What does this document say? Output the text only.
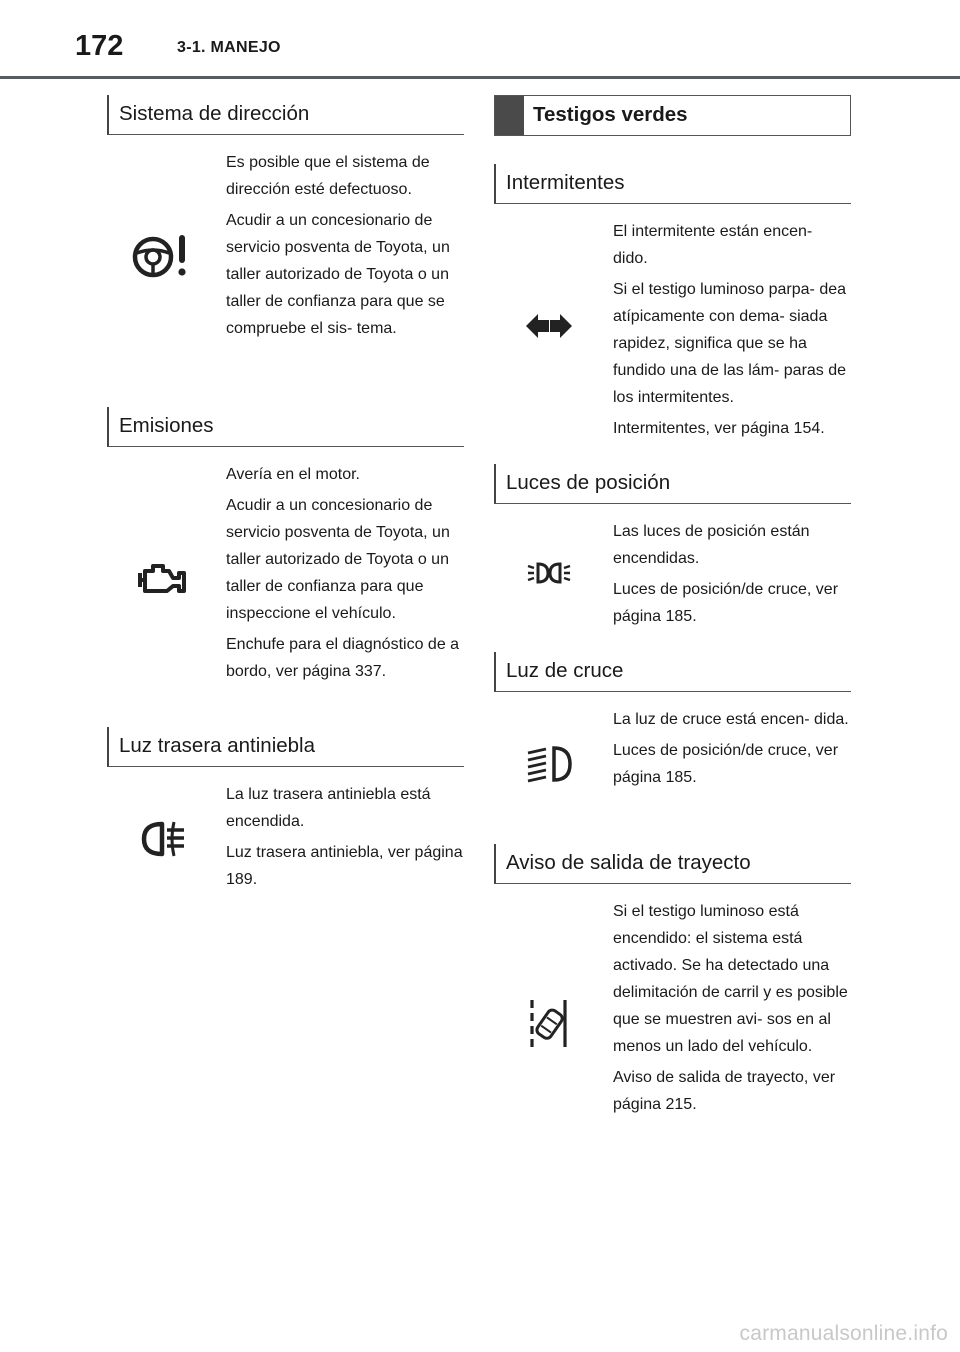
172	3-1. MANEJO
Sistema de dirección

Es posible que el sistema de dirección esté defectuoso.

Acudir a un concesionario de servicio posventa de Toyota, un taller autorizado de Toyota o un taller de confianza para que se compruebe el sis- tema.

Emisiones

Avería en el motor.

Acudir a un concesionario de servicio posventa de Toyota, un taller autorizado de Toyota o un taller de confianza para que inspeccione el vehículo.

Enchufe para el diagnóstico de a bordo, ver página 337.

Luz trasera antiniebla

La luz trasera antiniebla está encendida.

Luz trasera antiniebla, ver página 189.

Testigos verdes
Intermitentes

El intermitente están encen- dido.

Si el testigo luminoso parpa- dea atípicamente con dema- siada rapidez, significa que se ha fundido una de las lám- paras de los intermitentes.

Intermitentes, ver página 154.

Luces de posición

Las luces de posición están encendidas.

Luces de posición/de cruce, ver página 185.

Luz de cruce

La luz de cruce está encen- dida.

Luces de posición/de cruce, ver página 185.

Aviso de salida de trayecto

Si el testigo luminoso está encendido: el sistema está activado. Se ha detectado una delimitación de carril y es posible que se muestren avi- sos en al menos un lado del vehículo.

Aviso de salida de trayecto, ver página 215.

carmanualsonline.info
